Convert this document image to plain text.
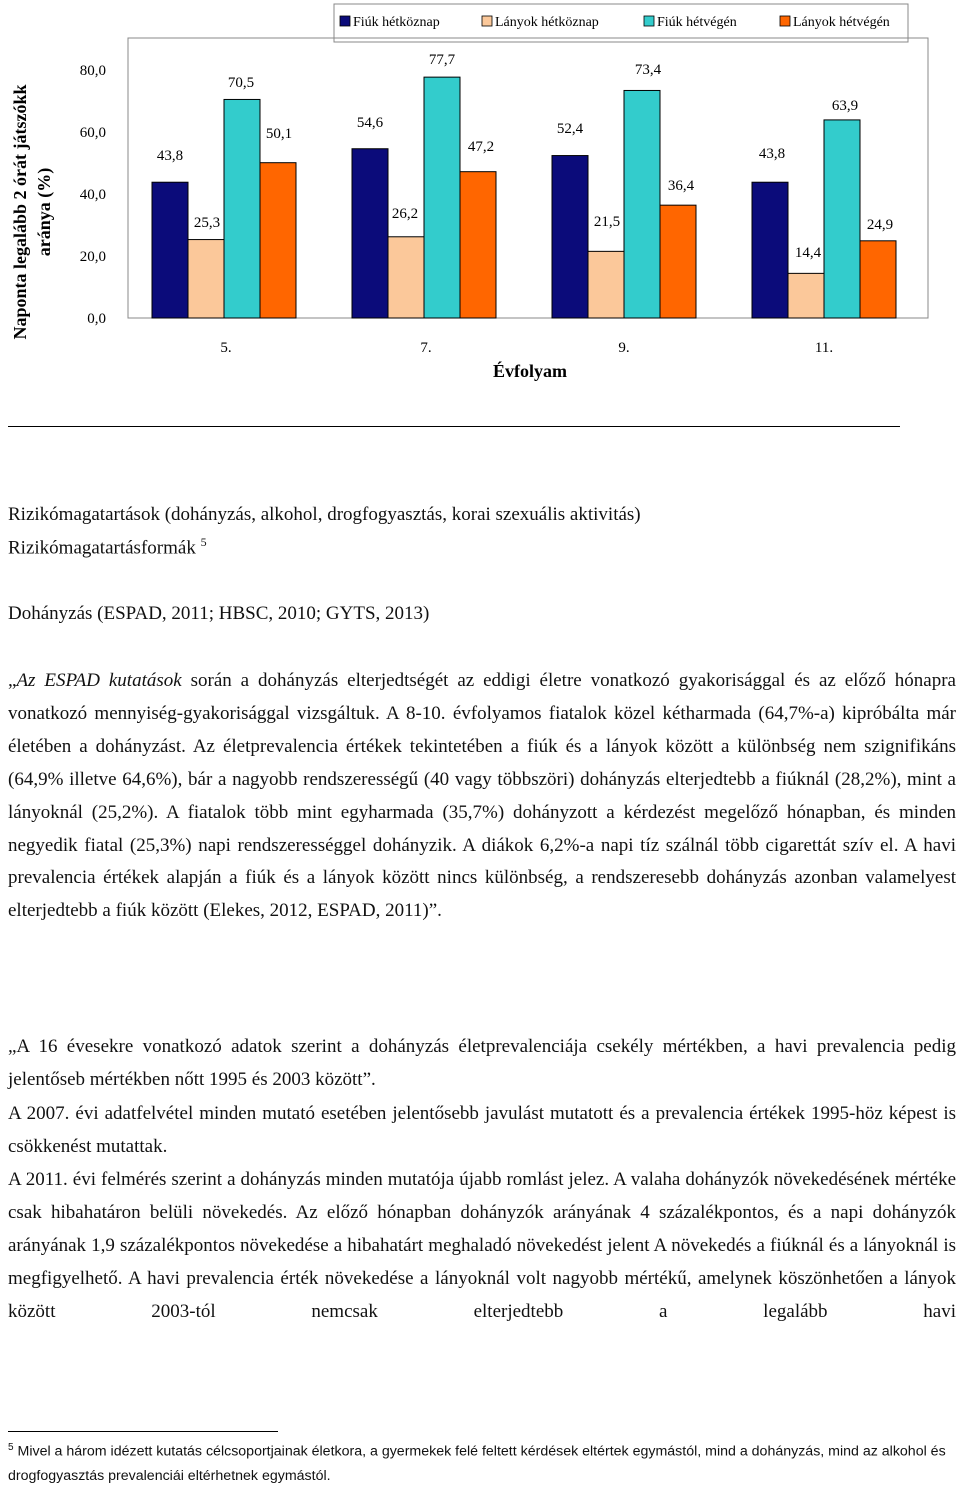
Fiúk hétköznap	Lányok hétköznap	Fiúk hétvégén	Lányok hétvégén
Naponta legalább 2 órát játszókk aránya (%)
0,0
20,0
40,0
60,0
80,0
43,8
54,6	52,4
43,8
25,3
26,2	21,5
14,4
70,5
77,7
73,4
63,9
50,1
47,2
36,4
24,9
5.	7.	9.	11.
Évfolyam
Rizikómagatartások (dohányzás, alkohol, drogfogyasztás, korai szexuális aktivitás)
Rizikómagatartásformák $^5$
Dohányzás (ESPAD, 2011; HBSC, 2010; GYTS, 2013)

„Az ESPAD kutatások során a dohányzás elterjedtségét az eddigi életre vonatkozó gyakorisággal és az előző hónapra vonatkozó mennyiség-gyakorisággal vizsgáltuk. A 8-10. évfolyamos fiatalok közel kétharmada (64,7%-a) kipróbálta már életében a dohányzást. Az életprevalencia értékek tekintetében a fiúk és a lányok között a különbség nem szignifikáns (64,9% illetve 64,6%), bár a nagyobb rendszerességű (40 vagy többszöri) dohányzás elterjedtebb a fiúknál (28,2%), mint a lányoknál (25,2%). A fiatalok több mint egyharmada (35,7%) dohányzott a kérdezést megelőző hónapban, és minden negyedik fiatal (25,3%) napi rendszerességgel dohányzik. A diákok 6,2%-a napi tíz szálnál több cigarettát szív el. A havi prevalencia értékek alapján a fiúk és a lányok között nincs különbség, a rendszeresebb dohányzás azonban valamelyest elterjedtebb a fiúk között (Elekes, 2012, ESPAD, 2011)”.

„A 16 évesekre vonatkozó adatok szerint a dohányzás életprevalenciája csekély mértékben, a havi prevalencia pedig jelentőseb mértékben nőtt 1995 és 2003 között”.

A 2007. évi adatfelvétel minden mutató esetében jelentősebb javulást mutatott és a prevalencia értékek 1995-höz képest is csökkenést mutattak.

A 2011. évi felmérés szerint a dohányzás minden mutatója újabb romlást jelez. A valaha dohányzók növekedésének mértéke csak hibahatáron belüli növekedés. Az előző hónapban dohányzók arányának 4 százalékpontos, és a napi dohányzók arányának 1,9 százalékpontos növekedése a hibahatárt meghaladó növekedést jelent A növekedés a fiúknál és a lányoknál is megfigyelhető. A havi prevalencia érték növekedése a lányoknál volt nagyobb mértékű, amelynek köszönhetően a lányok között 2003-tól nemcsak elterjedtebb a legalább havi

$^5$ Mivel a három idézett kutatás célcsoportjainak életkora, a gyermekek felé feltett kérdések eltértek egymástól, mind a dohányzás, mind az alkohol és drogfogyasztás prevalenciái eltérhetnek egymástól.
